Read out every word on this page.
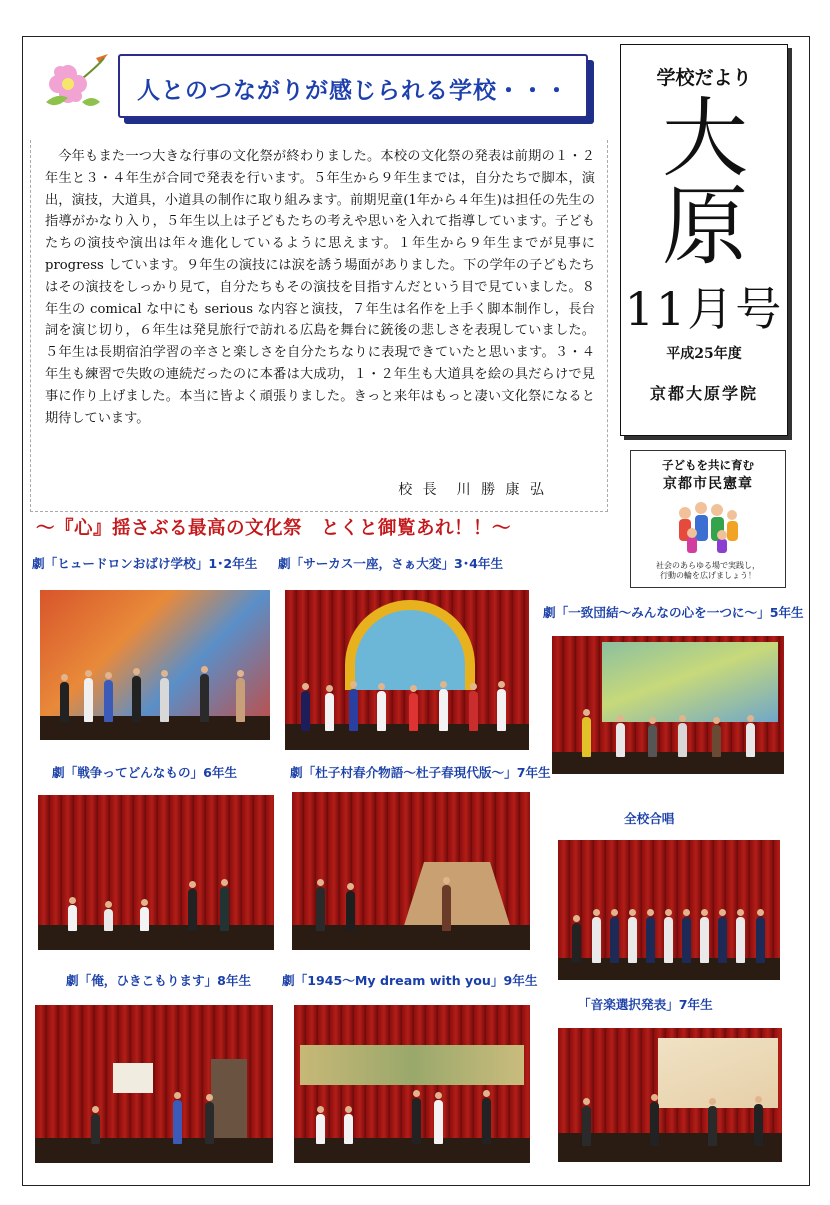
人とのつながりが感じられる学校・・・	学校だより
大原
11月号
平成25年度
京都大原学院

今年もまた一つ大きな行事の文化祭が終わりました。本校の文化祭の発表は前期の１・２年生と３・４年生が合同で発表を行います。５年生から９年生までは，自分たちで脚本，演出，演技，大道具，小道具の制作に取り組みます。前期児童(1年から４年生)は担任の先生の指導がかなり入り，５年生以上は子どもたちの考えや思いを入れて指導しています。子どもたちの演技や演出は年々進化しているように思えます。１年生から９年生までが見事に progress しています。９年生の演技には涙を誘う場面がありました。下の学年の子どもたちはその演技をしっかり見て，自分たちもその演技を目指すんだという目で見ていました。８年生の comical な中にも serious な内容と演技，７年生は名作を上手く脚本制作し，長台詞を演じ切り，６年生は発見旅行で訪れる広島を舞台に銃後の悲しさを表現していました。５年生は長期宿泊学習の辛さと楽しさを自分たちなりに表現できていたと思います。３・４年生も練習で失敗の連続だったのに本番は大成功，１・２年生も大道具を絵の具だらけで見事に作り上げました。本当に皆よく頑張りました。きっと来年はもっと凄い文化祭になると期待しています。

校 長　川 勝 康 弘
子どもを共に育む
京都市民憲章
社会のあらゆる場で実践し，
行動の輪を広げましょう！
～『心』揺さぶる最高の文化祭　とくと御覧あれ！！～
劇「ヒュードロンおばけ学校」1･2年生 劇「サーカス一座，さぁ大変」3･4年生
劇「一致団結～みんなの心を一つに～」5年生
劇「戦争ってどんなもの」6年生	劇「杜子村春介物語～杜子春現代版～」7年生
全校合唱
劇「俺，ひきこもります」8年生 劇「1945～My dream with you」9年生
「音楽選択発表」7年生
